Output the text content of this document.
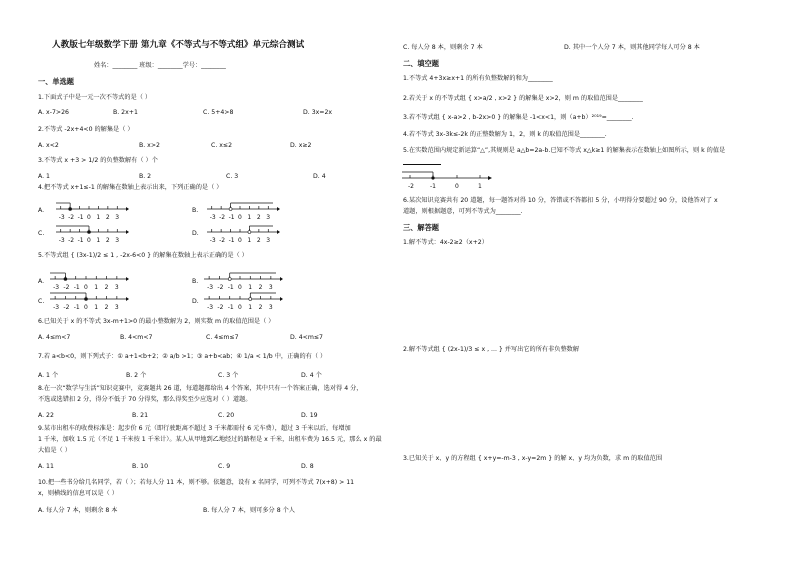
人教版七年级数学下册 第九章《不等式与不等式组》单元综合测试
姓名：________ 班级：________学号：________
一、单选题
1.下面式子中是一元一次不等式的是（ ）
A. x-7>26	B. 2x+1	C. 5+4>8	D. 3x=2x
2.不等式 -2x+4<0 的解集是（ ）
A. x<2	B. x>2	C. x≤2	D. x≥2
3.不等式 x +3 > 1/2 的负整数解有（ ）个
A. 1	B. 2	C. 3	D. 4
4.把不等式 x+1≤-1 的解集在数轴上表示出来，下列正确的是（ ）
A.	B.
C.	D.
-3 -2 -1 0 1 2 3	-3 -2 -1 0 1 2 3
-3 -2 -1 0 1 2 3	-3 -2 -1 0 1 2 3
5.不等式组 { (3x-1)/2 ≤ 1 , -2x-6<0 } 的解集在数轴上表示正确的是（ ）
A.	B.
C.	D.
-3 -2 -1 0 1 2 3	-3 -2 -1 0 1 2 3
-3 -2 -1 0 1 2 3	-3 -2 -1 0 1 2 3
6.已知关于 x 的不等式 3x-m+1>0 的最小整数解为 2，则实数 m 的取值范围是（ ）
A. 4≤m<7	B. 4<m<7	C. 4≤m≤7	D. 4<m≤7
7.若 a<b<0，则下列式子：① a+1<b+2；② a/b >1；③ a+b<ab；④ 1/a < 1/b 中，正确的有（ ）
A. 1 个	B. 2 个	C. 3 个	D. 4 个
8.在一次“数学与生活”知识竞赛中，竞赛题共 26 道，每道题都给出 4 个答案，其中只有一个答案正确，选对得 4 分，
不选或选错扣 2 分，得分不低于 70 分得奖，那么得奖至少应选对（ ）道题。
A. 22	B. 21	C. 20	D. 19
9.某市出租车的收费标准是：起步价 6 元（即行驶距离不超过 3 千米都需付 6 元车费），超过 3 千米以后，每增加
1 千米，加收 1.5 元（不足 1 千米按 1 千米计）。某人从甲地到乙地经过的路程是 x 千米，出租车费为 16.5 元，那么 x 的最
大值是（ ）
A. 11	B. 10	C. 9	D. 8
10.把一些书分给几名同学，若（ ）；若每人分 11 本，则不够。依题意，设有 x 名同学，可列不等式 7(x+8) > 11
x，则横线的信息可以是（ ）
A. 每人分 7 本，则剩余 8 本	B. 每人分 7 本，则可多分 8 个人
C. 每人分 8 本，则剩余 7 本	D. 其中一个人分 7 本，则其他同学每人可分 8 本
二、填空题
1.不等式 4+3x≥x+1 的所有负整数解的和为________
2.若关于 x 的不等式组 { x>a/2 , x>2 } 的解集是 x>2，则 m 的取值范围是________
3.若不等式组 { x-a>2 , b-2x>0 } 的解集是 -1<x<1，则（a+b）²⁰¹⁹=________.
4.若不等式 3x-3k≤-2k 的正整数解为 1，2，则 k 的取值范围是________.
5.在实数范围内规定新运算“△”,其规则是 a△b=2a-b.已知不等式 x△k≥1 的解集表示在数轴上如图所示，则 k 的值是
-2	-1	0	1
6.某次知识竞赛共有 20 道题，每一题答对得 10 分，答错或不答都扣 5 分，小明得分要超过 90 分，设他答对了 x
道题，则根据题意，可列不等式为________.
三、解答题
1.解不等式：4x-2≥2（x+2）
2.解不等式组 { (2x-1)/3 ≤ x , ... } 并写出它的所有非负整数解
3.已知关于 x、y 的方程组 { x+y=-m-3 , x-y=2m } 的解 x、y 均为负数，求 m 的取值范围
